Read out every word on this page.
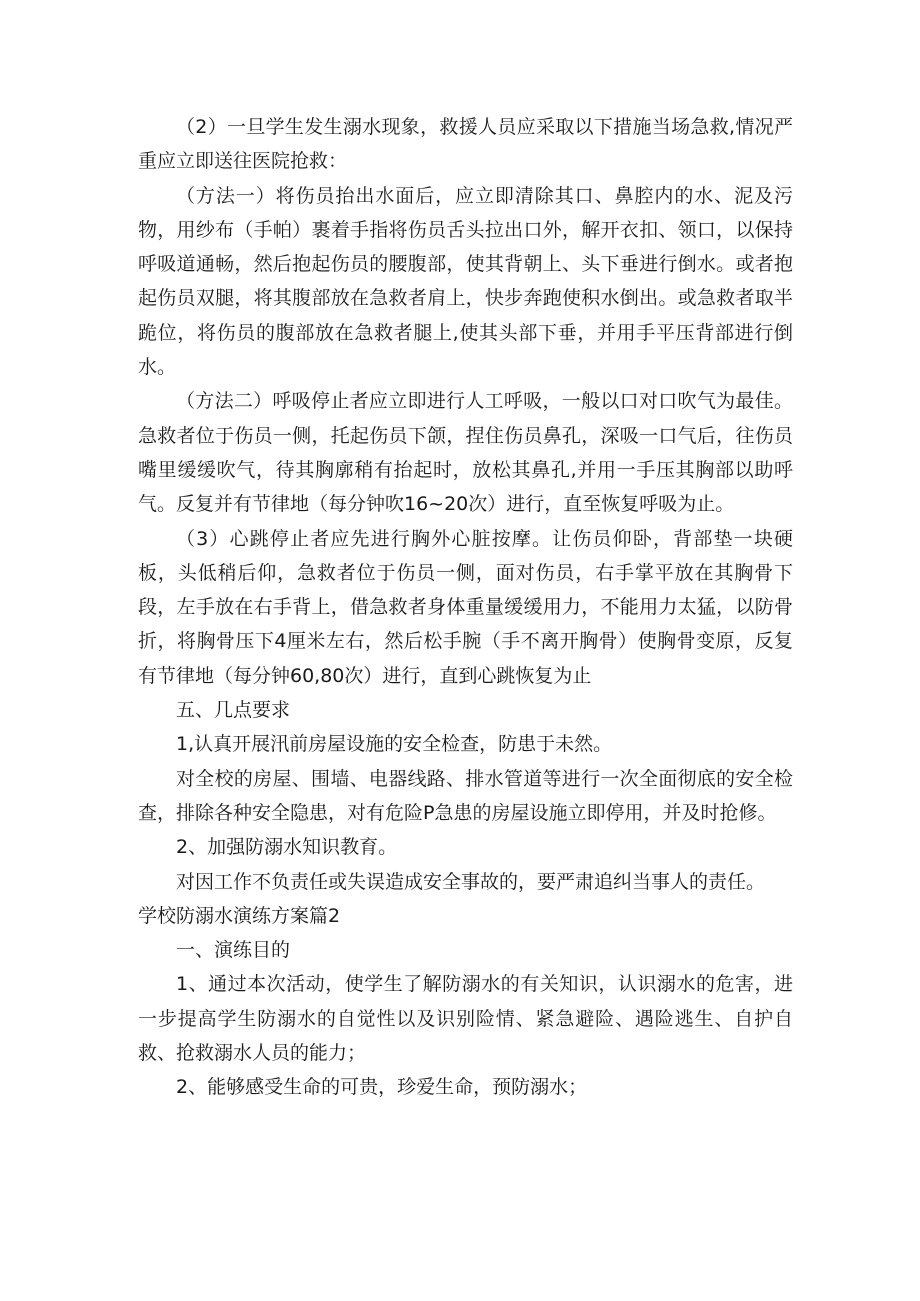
（2）一旦学生发生溺水现象，救援人员应采取以下措施当场急救,情况严重应立即送往医院抢救：

（方法一）将伤员抬出水面后，应立即清除其口、鼻腔内的水、泥及污物，用纱布（手帕）裹着手指将伤员舌头拉出口外，解开衣扣、领口，以保持呼吸道通畅，然后抱起伤员的腰腹部，使其背朝上、头下垂进行倒水。或者抱起伤员双腿，将其腹部放在急救者肩上，快步奔跑使积水倒出。或急救者取半跪位，将伤员的腹部放在急救者腿上,使其头部下垂，并用手平压背部进行倒水。

（方法二）呼吸停止者应立即进行人工呼吸，一般以口对口吹气为最佳。急救者位于伤员一侧，托起伤员下颌，捏住伤员鼻孔，深吸一口气后，往伤员嘴里缓缓吹气，待其胸廓稍有抬起时，放松其鼻孔,并用一手压其胸部以助呼气。反复并有节律地（每分钟吹16~20次）进行，直至恢复呼吸为止。

（3）心跳停止者应先进行胸外心脏按摩。让伤员仰卧，背部垫一块硬板，头低稍后仰，急救者位于伤员一侧，面对伤员，右手掌平放在其胸骨下段，左手放在右手背上，借急救者身体重量缓缓用力，不能用力太猛，以防骨折，将胸骨压下4厘米左右，然后松手腕（手不离开胸骨）使胸骨变原，反复有节律地（每分钟60,80次）进行，直到心跳恢复为止

五、几点要求

1,认真开展汛前房屋设施的安全检查，防患于未然。

对全校的房屋、围墙、电器线路、排水管道等进行一次全面彻底的安全检查，排除各种安全隐患，对有危险P急患的房屋设施立即停用，并及时抢修。

2、加强防溺水知识教育。

对因工作不负责任或失误造成安全事故的，要严肃追纠当事人的责任。

学校防溺水演练方案篇2

一、演练目的

1、通过本次活动，使学生了解防溺水的有关知识，认识溺水的危害，进一步提高学生防溺水的自觉性以及识别险情、紧急避险、遇险逃生、自护自救、抢救溺水人员的能力；

2、能够感受生命的可贵，珍爱生命，预防溺水；
